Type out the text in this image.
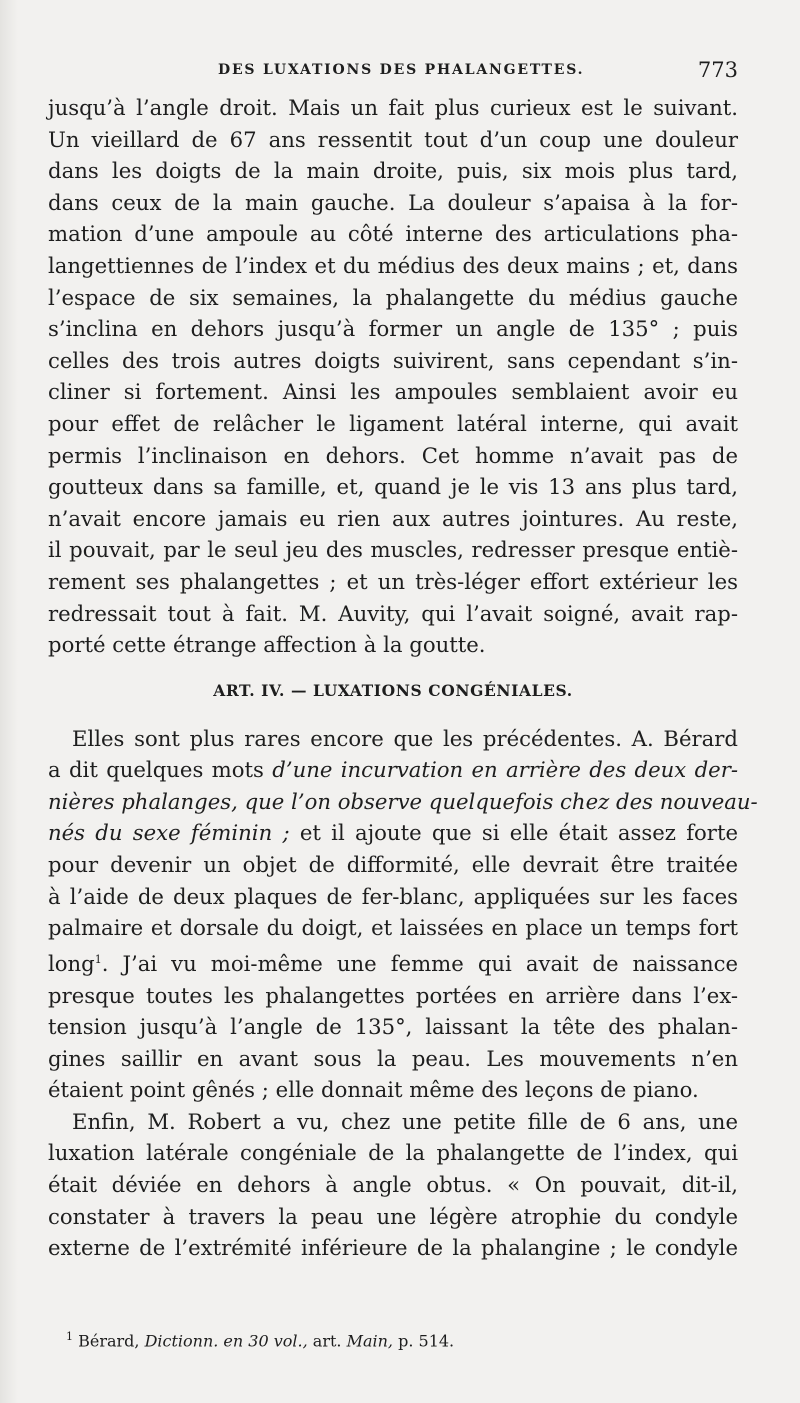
DES LUXATIONS DES PHALANGETTES.	773
jusqu’à l’angle droit. Mais un fait plus curieux est le suivant.
Un vieillard de 67 ans ressentit tout d’un coup une douleur
dans les doigts de la main droite, puis, six mois plus tard,
dans ceux de la main gauche. La douleur s’apaisa à la for-
mation d’une ampoule au côté interne des articulations pha-
langettiennes de l’index et du médius des deux mains ; et, dans
l’espace de six semaines, la phalangette du médius gauche
s’inclina en dehors jusqu’à former un angle de 135° ; puis
celles des trois autres doigts suivirent, sans cependant s’in-
cliner si fortement. Ainsi les ampoules semblaient avoir eu
pour effet de relâcher le ligament latéral interne, qui avait
permis l’inclinaison en dehors. Cet homme n’avait pas de
goutteux dans sa famille, et, quand je le vis 13 ans plus tard,
n’avait encore jamais eu rien aux autres jointures. Au reste,
il pouvait, par le seul jeu des muscles, redresser presque entiè-
rement ses phalangettes ; et un très-léger effort extérieur les
redressait tout à fait. M. Auvity, qui l’avait soigné, avait rap-
porté cette étrange affection à la goutte.
ART. IV. — LUXATIONS CONGÉNIALES.
Elles sont plus rares encore que les précédentes. A. Bérard
a dit quelques mots d’une incurvation en arrière des deux der-
nières phalanges, que l’on observe quelquefois chez des nouveau-
nés du sexe féminin ; et il ajoute que si elle était assez forte
pour devenir un objet de difformité, elle devrait être traitée
à l’aide de deux plaques de fer-blanc, appliquées sur les faces
palmaire et dorsale du doigt, et laissées en place un temps fort
long$^1$. J’ai vu moi-même une femme qui avait de naissance
presque toutes les phalangettes portées en arrière dans l’ex-
tension jusqu’à l’angle de 135°, laissant la tête des phalan-
gines saillir en avant sous la peau. Les mouvements n’en
étaient point gênés ; elle donnait même des leçons de piano.
Enfin, M. Robert a vu, chez une petite fille de 6 ans, une
luxation latérale congéniale de la phalangette de l’index, qui
était déviée en dehors à angle obtus. « On pouvait, dit-il,
constater à travers la peau une légère atrophie du condyle
externe de l’extrémité inférieure de la phalangine ; le condyle
$^1$ Bérard, Dictionn. en 30 vol., art. Main, p. 514.
